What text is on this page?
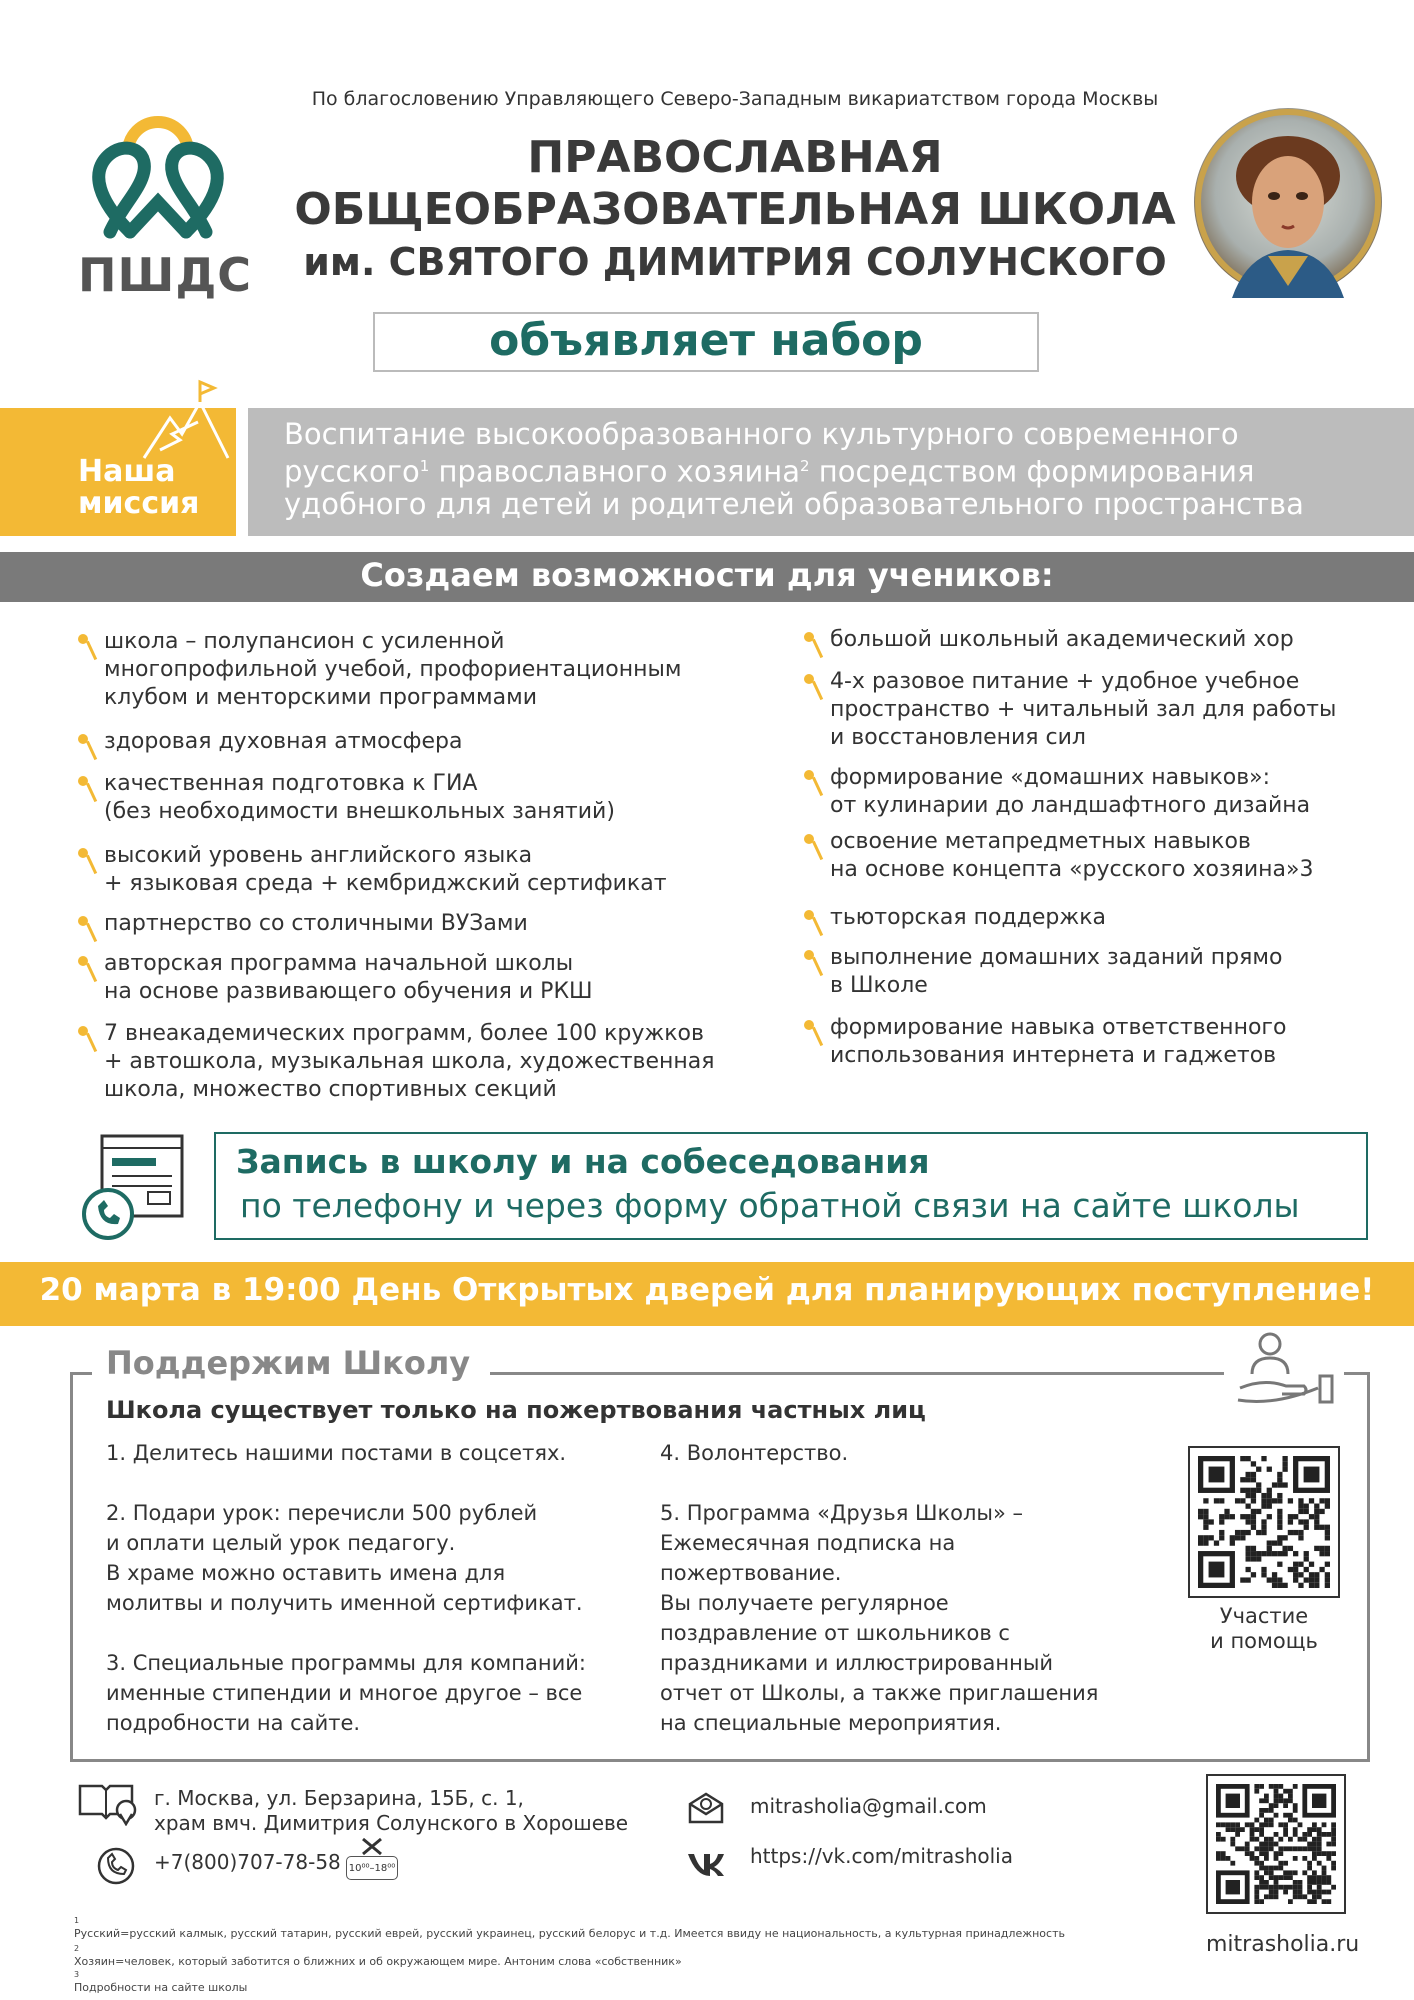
ПШДС
По благословению Управляющего Северо-Западным викариатством города Москвы
ПРАВОСЛАВНАЯ
ОБЩЕОБРАЗОВАТЕЛЬНАЯ ШКОЛА
им. СВЯТОГО ДИМИТРИЯ СОЛУНСКОГО
объявляет набор
Наша
миссия
Воспитание высокообразованного культурного современного
русского$^1$ православного хозяина$^2$ посредством формирования
удобного для детей и родителей образовательного пространства
Создаем возможности для учеников:
школа – полупансион с усиленной
многопрофильной учебой, профориентационным
клубом и менторскими программами
здоровая духовная атмосфера
качественная подготовка к ГИА
(без необходимости внешкольных занятий)
высокий уровень английского языка
+ языковая среда + кембриджский сертификат
партнерство со столичными ВУЗами
авторская программа начальной школы
на основе развивающего обучения и РКШ
7 внеакадемических программ, более 100 кружков
+ автошкола, музыкальная школа, художественная
школа, множество спортивных секций
большой школьный академический хор
4-х разовое питание + удобное учебное
пространство + читальный зал для работы
и восстановления сил
формирование «домашних навыков»:
от кулинарии до ландшафтного дизайна
освоение метапредметных навыков
на основе концепта «русского хозяина»3
тьюторская поддержка
выполнение домашних заданий прямо
в Школе
формирование навыка ответственного
использования интернета и гаджетов
Запись в школу и на собеседования
по телефону и через форму обратной связи на сайте школы
20 марта в 19:00 День Открытых дверей для планирующих поступление!
Поддержим Школу
Школа существует только на пожертвования частных лиц
1. Делитесь нашими постами в соцсетях.
2. Подари урок: перечисли 500 рублей
и оплати целый урок педагогу.
В храме можно оставить имена для
молитвы и получить именной сертификат.
3. Специальные программы для компаний:
именные стипендии и многое другое – все
подробности на сайте.
4. Волонтерство.
5. Программа «Друзья Школы» –
Ежемесячная подписка на
пожертвование.
Вы получаете регулярное
поздравление от школьников с
праздниками и иллюстрированный
отчет от Школы, а также приглашения
на специальные мероприятия.
Участие
и помощь
г. Москва, ул. Берзарина, 15Б, с. 1,
храм вмч. Димитрия Солунского в Хорошеве
+7(800)707-78-58 10⁰⁰–18⁰⁰
mitrasholia@gmail.com
https://vk.com/mitrasholia
mitrasholia.ru
1
Русский=русский калмык, русский татарин, русский еврей, русский украинец, русский белорус и т.д. Имеется ввиду не национальность, а культурная принадлежность
2
Хозяин=человек, который заботится о ближних и об окружающем мире. Антоним слова «собственник»
3
Подробности на сайте школы
